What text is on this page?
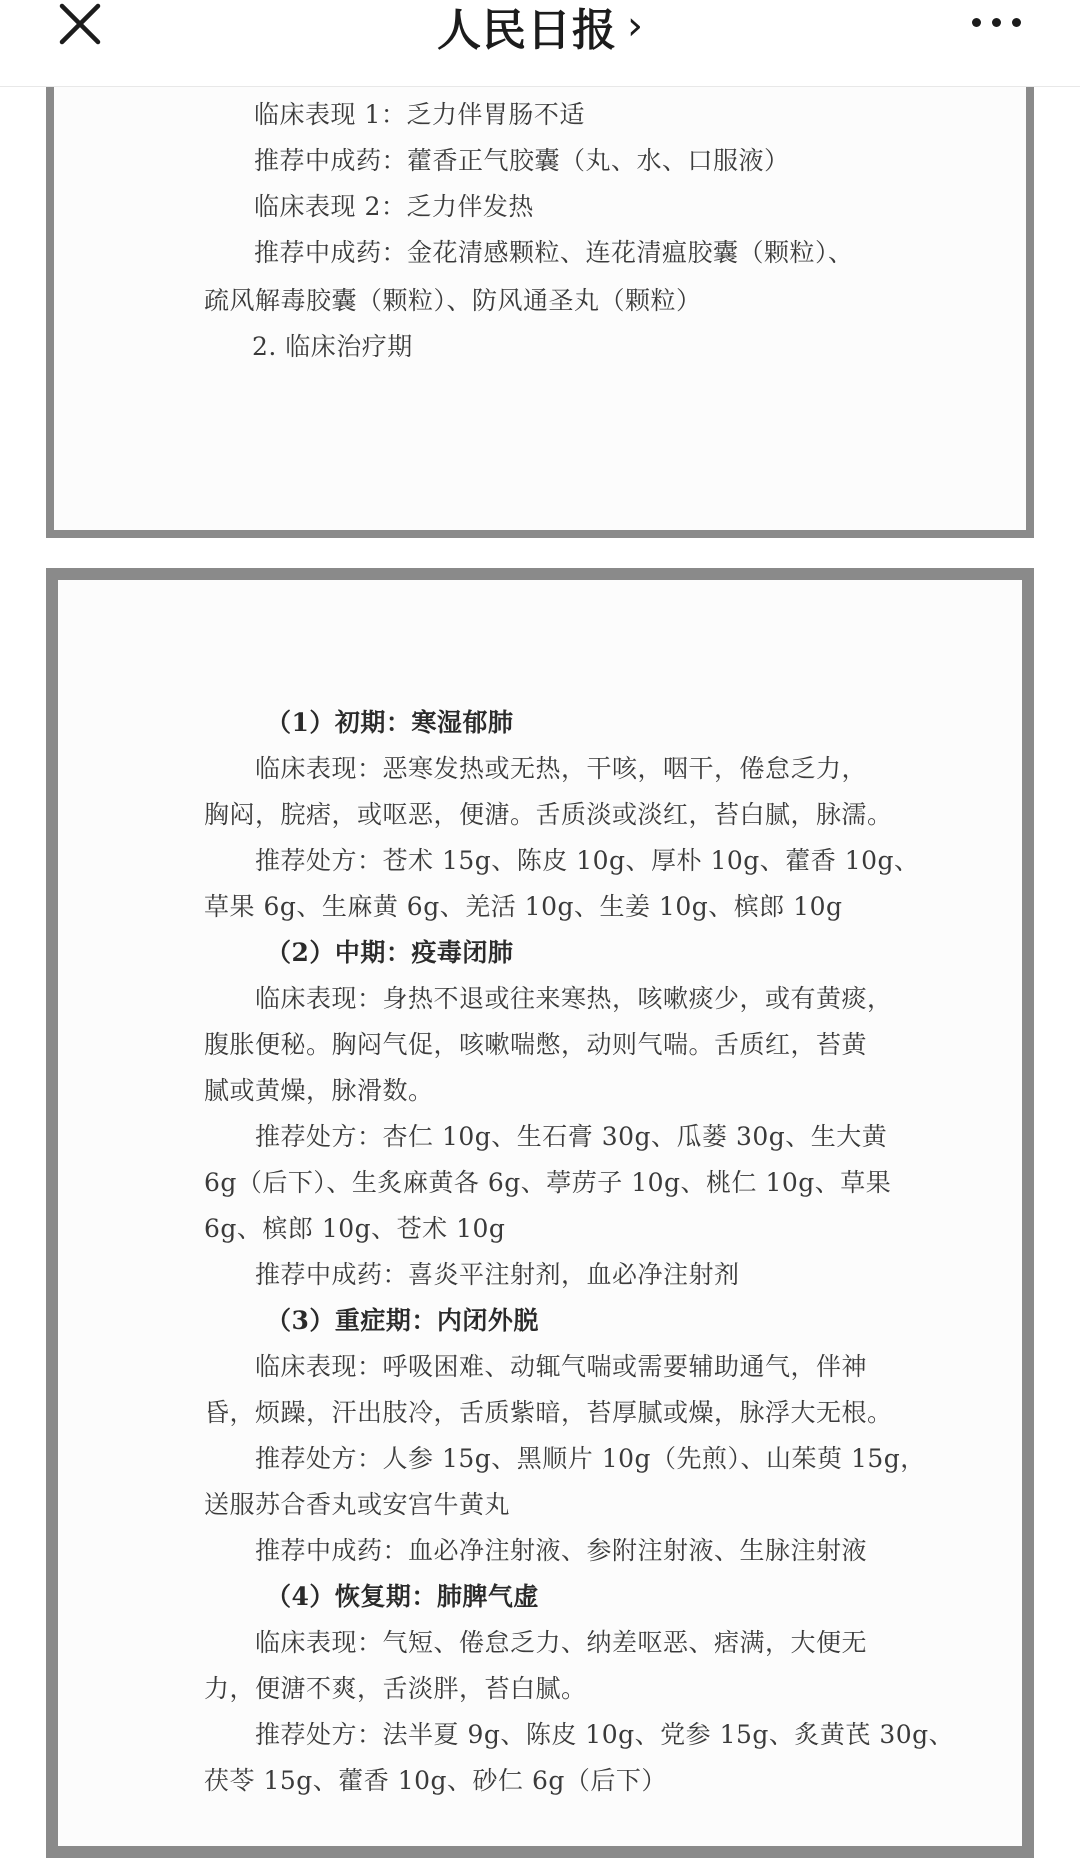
人民日报 ›
临床表现 1：乏力伴胃肠不适
推荐中成药：藿香正气胶囊（丸、水、口服液）
临床表现 2：乏力伴发热
推荐中成药：金花清感颗粒、连花清瘟胶囊（颗粒）、
疏风解毒胶囊（颗粒）、防风通圣丸（颗粒）
2. 临床治疗期
（1）初期：寒湿郁肺
临床表现：恶寒发热或无热，干咳，咽干，倦怠乏力，
胸闷，脘痞，或呕恶，便溏。舌质淡或淡红，苔白腻，脉濡。
推荐处方：苍术 15g、陈皮 10g、厚朴 10g、藿香 10g、
草果 6g、生麻黄 6g、羌活 10g、生姜 10g、槟郎 10g
（2）中期：疫毒闭肺
临床表现：身热不退或往来寒热，咳嗽痰少，或有黄痰，
腹胀便秘。胸闷气促，咳嗽喘憋，动则气喘。舌质红，苔黄
腻或黄燥，脉滑数。
推荐处方：杏仁 10g、生石膏 30g、瓜蒌 30g、生大黄
6g（后下）、生炙麻黄各 6g、葶苈子 10g、桃仁 10g、草果
6g、槟郎 10g、苍术 10g
推荐中成药：喜炎平注射剂，血必净注射剂
（3）重症期：内闭外脱
临床表现：呼吸困难、动辄气喘或需要辅助通气，伴神
昏，烦躁，汗出肢冷，舌质紫暗，苔厚腻或燥，脉浮大无根。
推荐处方：人参 15g、黑顺片 10g（先煎）、山茱萸 15g，
送服苏合香丸或安宫牛黄丸
推荐中成药：血必净注射液、参附注射液、生脉注射液
（4）恢复期：肺脾气虚
临床表现：气短、倦怠乏力、纳差呕恶、痞满，大便无
力，便溏不爽，舌淡胖，苔白腻。
推荐处方：法半夏 9g、陈皮 10g、党参 15g、炙黄芪 30g、
茯苓 15g、藿香 10g、砂仁 6g（后下）
